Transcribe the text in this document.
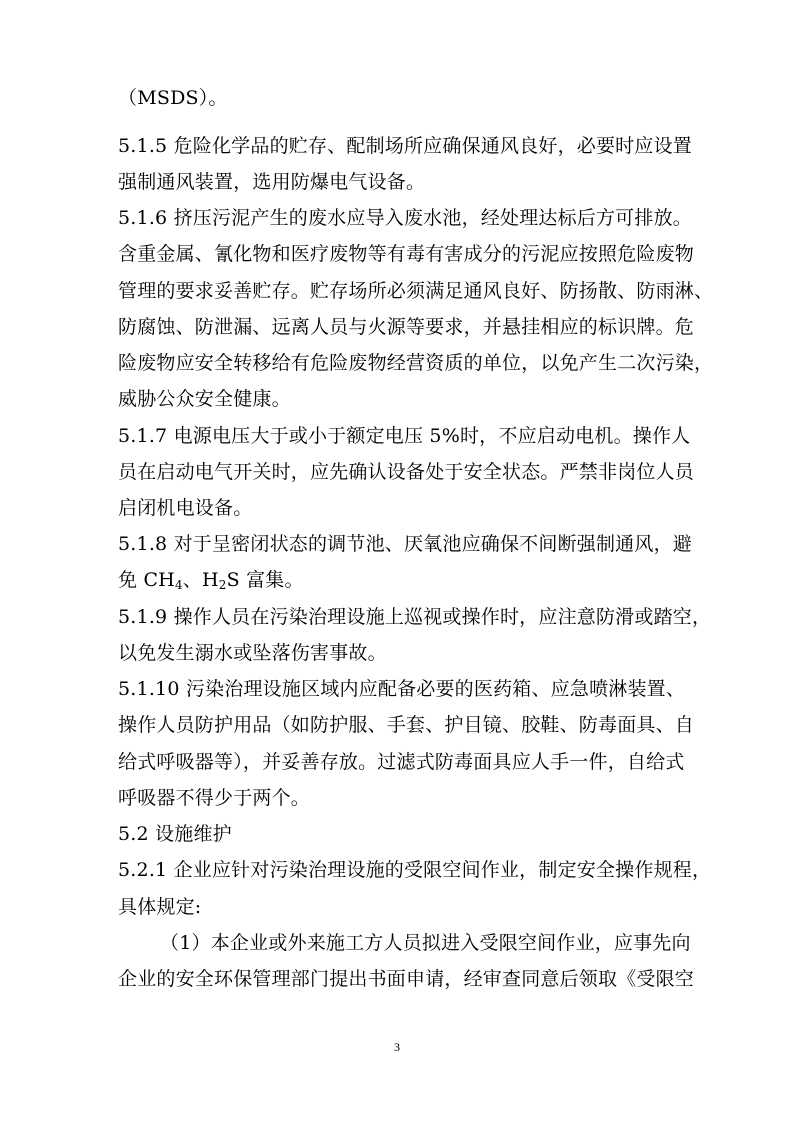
（MSDS）。
5.1.5 危险化学品的贮存、配制场所应确保通风良好，必要时应设置
强制通风装置，选用防爆电气设备。
5.1.6 挤压污泥产生的废水应导入废水池，经处理达标后方可排放。
含重金属、氰化物和医疗废物等有毒有害成分的污泥应按照危险废物
管理的要求妥善贮存。贮存场所必须满足通风良好、防扬散、防雨淋、
防腐蚀、防泄漏、远离人员与火源等要求，并悬挂相应的标识牌。危
险废物应安全转移给有危险废物经营资质的单位，以免产生二次污染，
威胁公众安全健康。
5.1.7 电源电压大于或小于额定电压 5%时，不应启动电机。操作人
员在启动电气开关时，应先确认设备处于安全状态。严禁非岗位人员
启闭机电设备。
5.1.8 对于呈密闭状态的调节池、厌氧池应确保不间断强制通风，避
免 $CH_4$、$H_2S$ 富集。
5.1.9 操作人员在污染治理设施上巡视或操作时，应注意防滑或踏空，
以免发生溺水或坠落伤害事故。
5.1.10 污染治理设施区域内应配备必要的医药箱、应急喷淋装置、
操作人员防护用品（如防护服、手套、护目镜、胶鞋、防毒面具、自
给式呼吸器等），并妥善存放。过滤式防毒面具应人手一件，自给式
呼吸器不得少于两个。
5.2 设施维护
5.2.1 企业应针对污染治理设施的受限空间作业，制定安全操作规程，
具体规定:
（1）本企业或外来施工方人员拟进入受限空间作业，应事先向
企业的安全环保管理部门提出书面申请，经审查同意后领取《受限空
3
